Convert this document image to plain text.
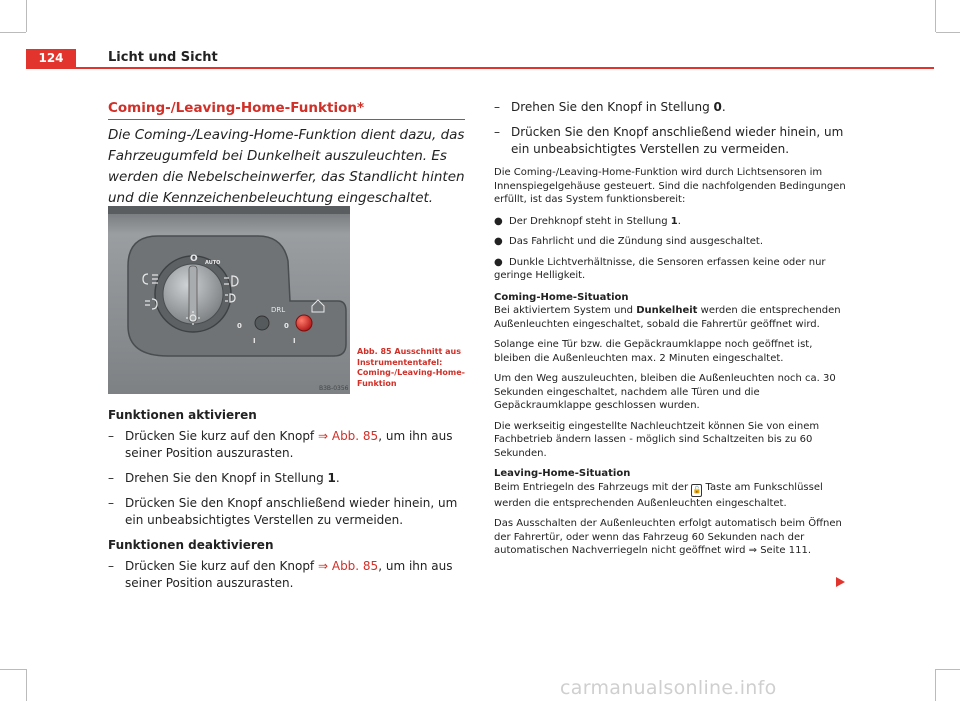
124	Licht und Sicht
Coming-/Leaving-Home-Funktion*
Die Coming-/Leaving-Home-Funktion dient dazu, das Fahrzeugumfeld bei Dunkelheit auszuleuchten. Es werden die Nebelscheinwerfer, das Standlicht hinten und die Kennzeichenbeleuchtung eingeschaltet.
O AUTO
DRL
0
I
0
I
B3B-0356
Abb. 85 Ausschnitt aus Instrumententafel: Coming-/Leaving-Home-Funktion
Funktionen aktivieren
– Drücken Sie kurz auf den Knopf ⇒ Abb. 85, um ihn aus seiner Position auszurasten.
– Drehen Sie den Knopf in Stellung 1.
– Drücken Sie den Knopf anschließend wieder hinein, um ein unbeabsichtigtes Verstellen zu vermeiden.
Funktionen deaktivieren
– Drücken Sie kurz auf den Knopf ⇒ Abb. 85, um ihn aus seiner Position auszurasten.
– Drehen Sie den Knopf in Stellung 0.
– Drücken Sie den Knopf anschließend wieder hinein, um ein unbeabsichtigtes Verstellen zu vermeiden.
Die Coming-/Leaving-Home-Funktion wird durch Lichtsensoren im Innenspiegelgehäuse gesteuert. Sind die nachfolgenden Bedingungen erfüllt, ist das System funktionsbereit:
● Der Drehknopf steht in Stellung 1.
● Das Fahrlicht und die Zündung sind ausgeschaltet.
● Dunkle Lichtverhältnisse, die Sensoren erfassen keine oder nur geringe Helligkeit.
Coming-Home-Situation
Bei aktiviertem System und Dunkelheit werden die entsprechenden Außenleuchten eingeschaltet, sobald die Fahrertür geöffnet wird.
Solange eine Tür bzw. die Gepäckraumklappe noch geöffnet ist, bleiben die Außenleuchten max. 2 Minuten eingeschaltet.
Um den Weg auszuleuchten, bleiben die Außenleuchten noch ca. 30 Sekunden eingeschaltet, nachdem alle Türen und die Gepäckraumklappe geschlossen wurden.
Die werkseitig eingestellte Nachleuchtzeit können Sie von einem Fachbetrieb ändern lassen - möglich sind Schaltzeiten bis zu 60 Sekunden.
Leaving-Home-Situation
Beim Entriegeln des Fahrzeugs mit der 🔓 Taste am Funkschlüssel werden die entsprechenden Außenleuchten eingeschaltet.
Das Ausschalten der Außenleuchten erfolgt automatisch beim Öffnen der Fahrertür, oder wenn das Fahrzeug 60 Sekunden nach der automatischen Nachverriegeln nicht geöffnet wird ⇒ Seite 111.
carmanualsonline.info
